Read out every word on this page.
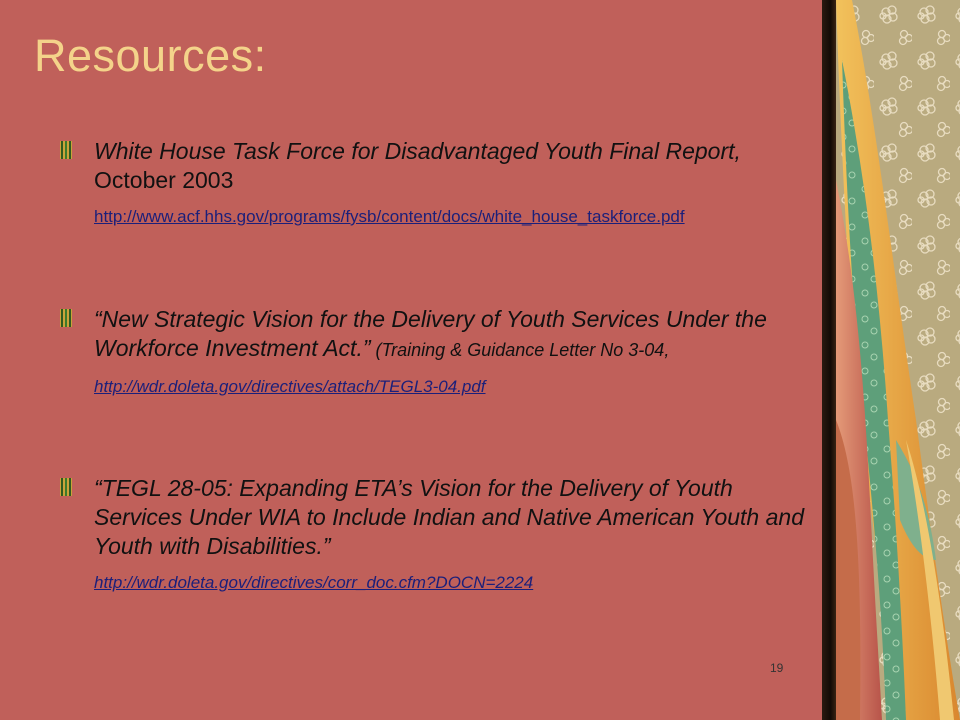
Resources:

White House Task Force for Disadvantaged Youth Final Report, October 2003

http://www.acf.hhs.gov/programs/fysb/content/docs/white_house_taskforce.pdf

“New Strategic Vision for the Delivery of Youth Services Under the Workforce Investment Act.” (Training & Guidance Letter No 3-04,

http://wdr.doleta.gov/directives/attach/TEGL3-04.pdf

“TEGL 28-05: Expanding ETA’s Vision for the Delivery of Youth Services Under WIA to Include Indian and Native American Youth and Youth with Disabilities.”

http://wdr.doleta.gov/directives/corr_doc.cfm?DOCN=2224
19
